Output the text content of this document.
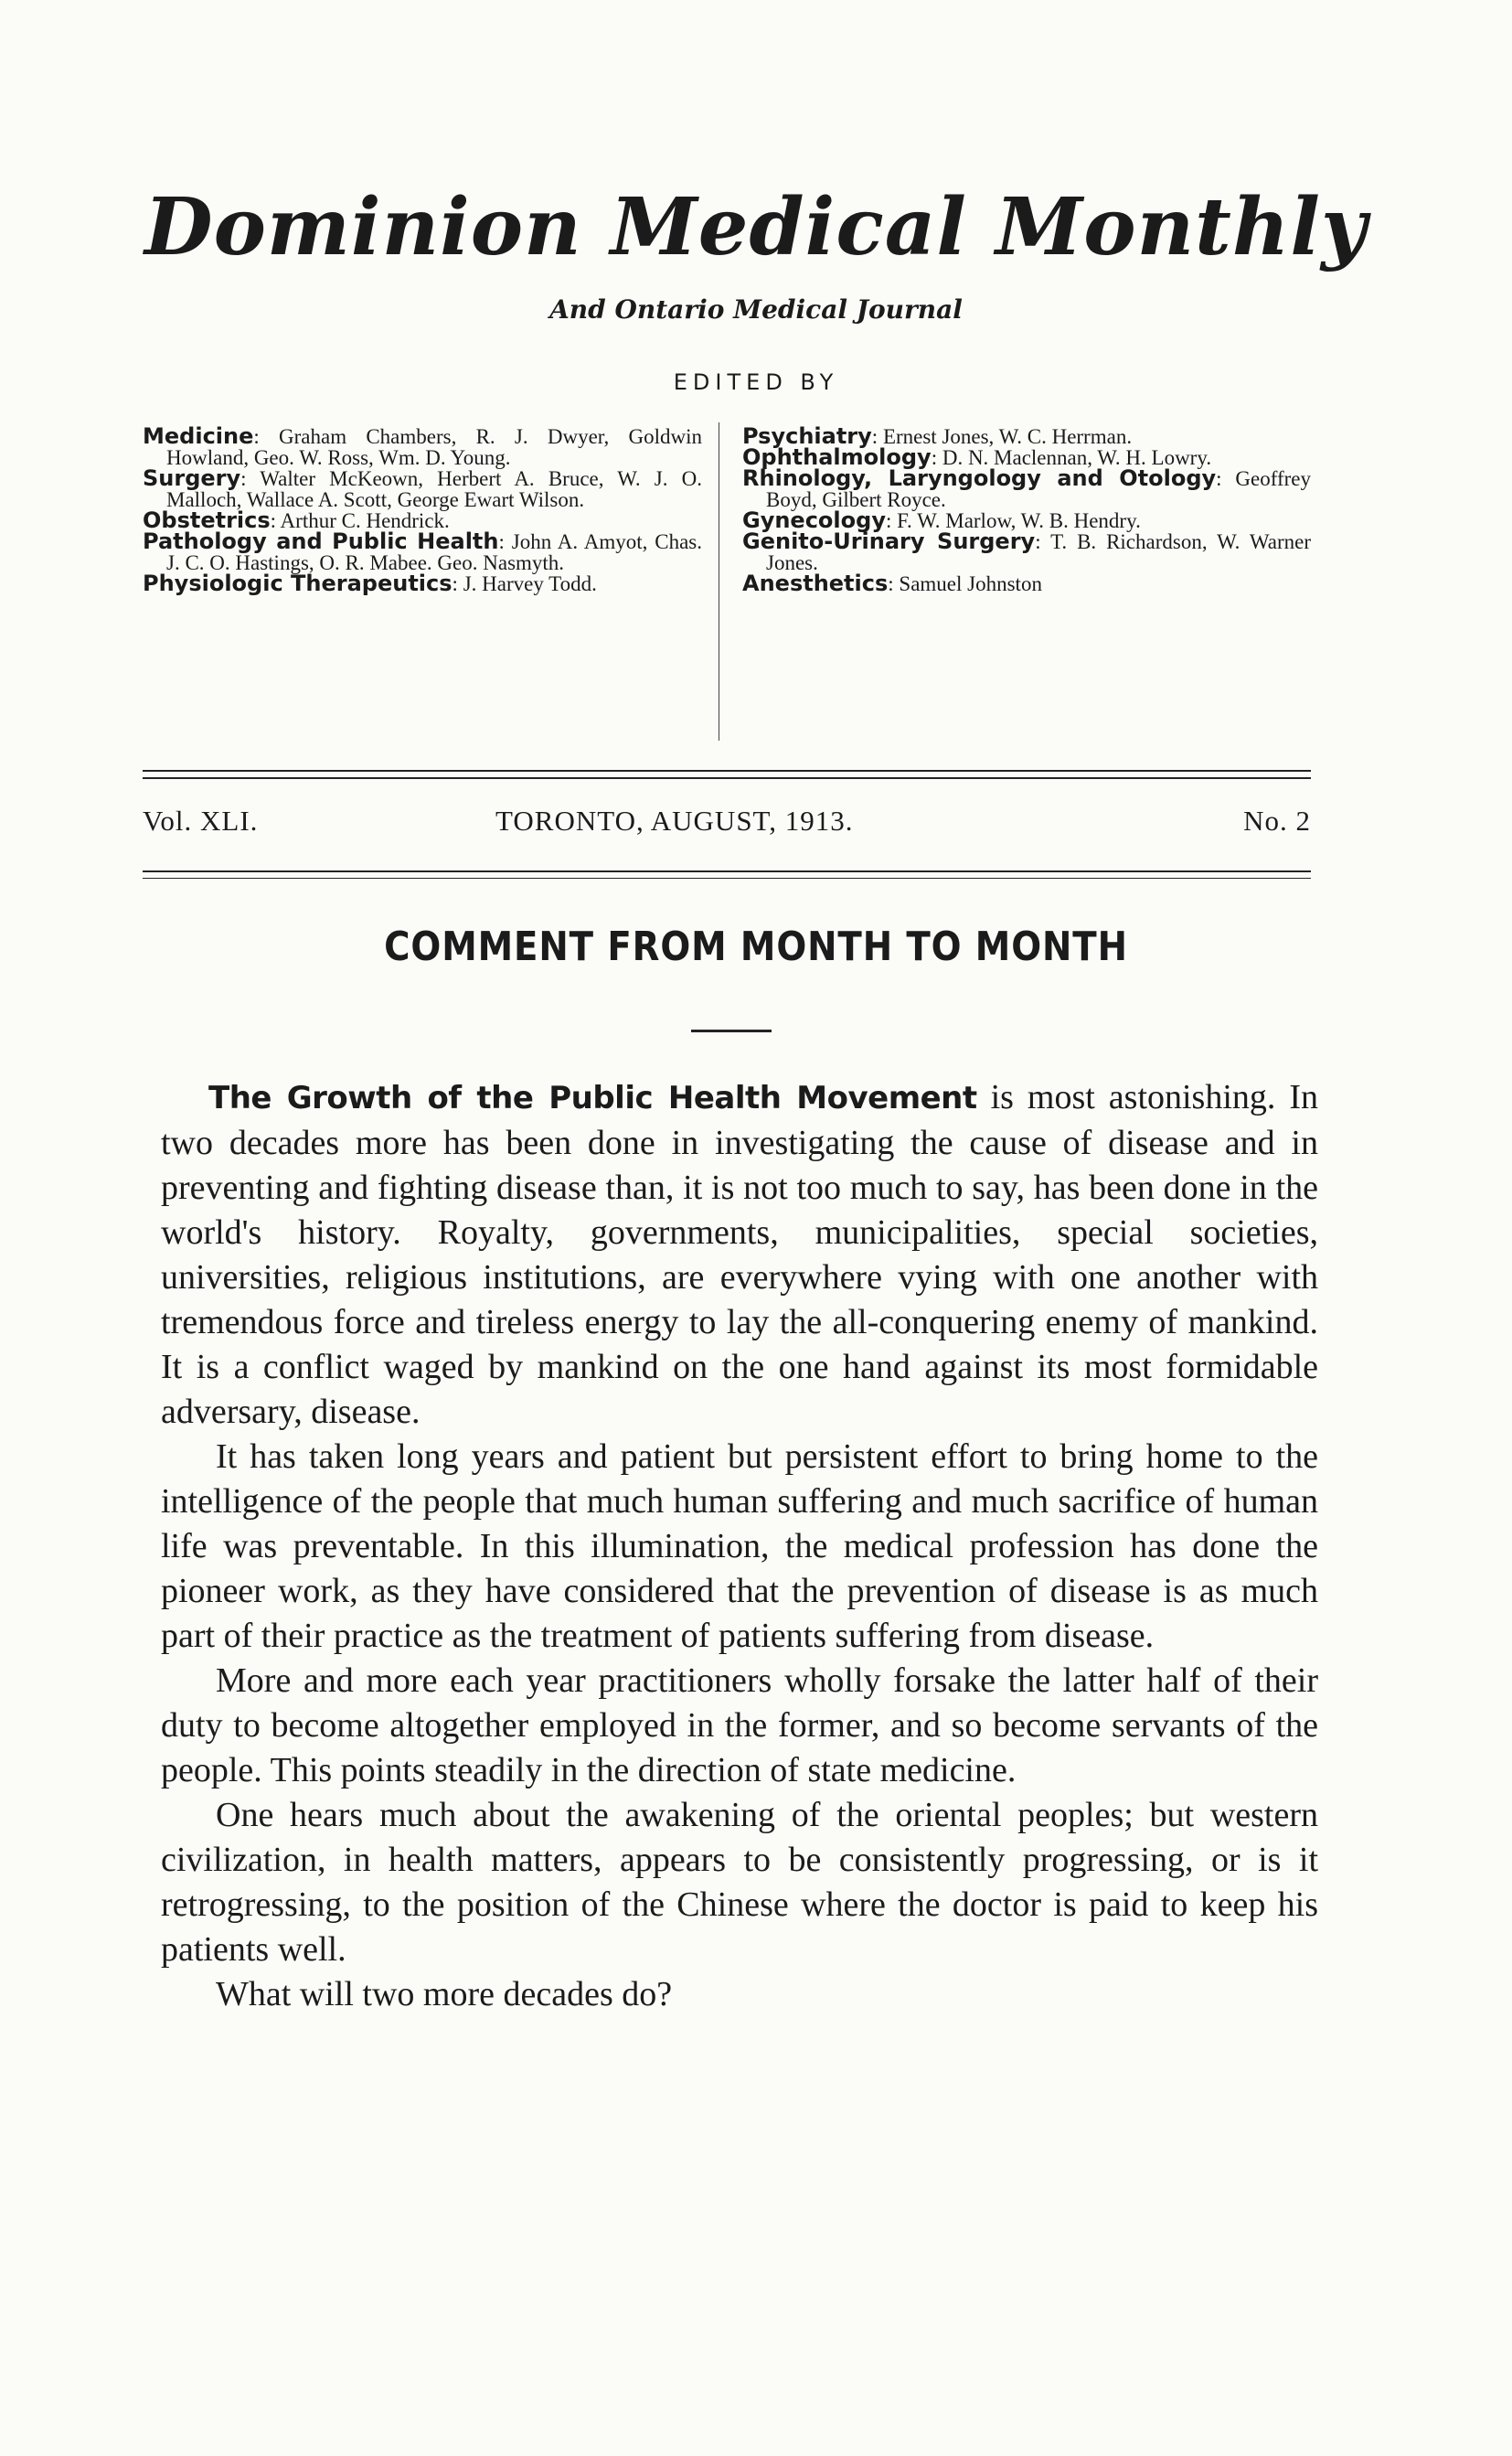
Dominion Medical Monthly
And Ontario Medical Journal
EDITED BY

Medicine: Graham Chambers, R. J. Dwyer, Goldwin Howland, Geo. W. Ross, Wm. D. Young.

Surgery: Walter McKeown, Herbert A. Bruce, W. J. O. Malloch, Wallace A. Scott, George Ewart Wilson.

Obstetrics: Arthur C. Hendrick.

Pathology and Public Health: John A. Amyot, Chas. J. C. O. Hastings, O. R. Mabee. Geo. Nasmyth.

Physiologic Therapeutics: J. Harvey Todd.

Psychiatry: Ernest Jones, W. C. Herrman.

Ophthalmology: D. N. Maclennan, W. H. Lowry.

Rhinology, Laryngology and Otology: Geoffrey Boyd, Gilbert Royce.

Gynecology: F. W. Marlow, W. B. Hendry.

Genito-Urinary Surgery: T. B. Richardson, W. Warner Jones.

Anesthetics: Samuel Johnston

Vol. XLI.	TORONTO, AUGUST, 1913.	No. 2
COMMENT FROM MONTH TO MONTH

The Growth of the Public Health Movement is most astonishing. In two decades more has been done in investigating the cause of disease and in preventing and fighting disease than, it is not too much to say, has been done in the world's history. Royalty, governments, municipalities, special societies, universities, religious institutions, are everywhere vying with one another with tremendous force and tireless energy to lay the all-conquering enemy of mankind. It is a conflict waged by mankind on the one hand against its most formidable adversary, disease.

It has taken long years and patient but persistent effort to bring home to the intelligence of the people that much human suffering and much sacrifice of human life was preventable. In this illumination, the medical profession has done the pioneer work, as they have considered that the prevention of disease is as much part of their practice as the treatment of patients suffering from disease.

More and more each year practitioners wholly forsake the latter half of their duty to become altogether employed in the former, and so become servants of the people. This points steadily in the direction of state medicine.

One hears much about the awakening of the oriental peoples; but western civilization, in health matters, appears to be consistently progressing, or is it retrogressing, to the position of the Chinese where the doctor is paid to keep his patients well.

What will two more decades do?
